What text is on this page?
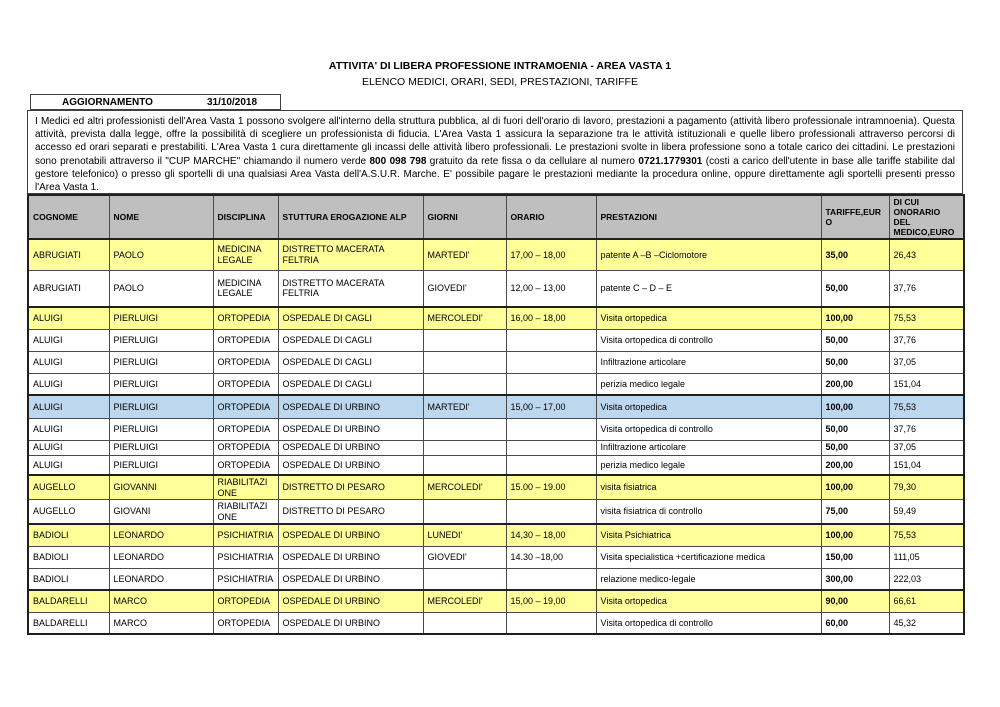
ATTIVITA' DI LIBERA PROFESSIONE INTRAMOENIA - AREA VASTA 1
ELENCO MEDICI, ORARI, SEDI, PRESTAZIONI, TARIFFE
AGGIORNAMENTO	31/10/2018
I Medici ed altri professionisti dell'Area Vasta 1 possono svolgere all'interno della struttura pubblica, al di fuori dell'orario di lavoro, prestazioni a pagamento (attività libero professionale intramnoenia). Questa attività, prevista dalla legge, offre la possibilità di scegliere un professionista di fiducia. L'Area Vasta 1 assicura la separazione tra le attività istituzionali e quelle libero professionali attraverso percorsi di accesso ed orari separati e prestabiliti. L'Area Vasta 1 cura direttamente gli incassi delle attività libero professionali. Le prestazioni svolte in libera professione sono a totale carico dei cittadini. Le prestazioni sono prenotabili attraverso il "CUP MARCHE" chiamando il numero verde 800 098 798 gratuito da rete fissa o da cellulare al numero 0721.1779301 (costi a carico dell'utente in base alle tariffe stabilite dal gestore telefonico) o presso gli sportelli di una qualsiasi Area Vasta dell'A.S.U.R. Marche. E' possibile pagare le prestazioni mediante la procedura online, oppure direttamente agli sportelli presenti presso l'Area Vasta 1.
COGNOME	NOME	DISCIPLINA	STUTTURA EROGAZIONE ALP	GIORNI	ORARIO	PRESTAZIONI	TARIFFE,EURO	DI CUI ONORARIO DEL MEDICO,EURO
ABRUGIATI	PAOLO	MEDICINA LEGALE	DISTRETTO MACERATA FELTRIA	MARTEDI'	17,00 – 18,00	patente A –B –Ciclomotore	35,00	26,43
ABRUGIATI	PAOLO	MEDICINA LEGALE	DISTRETTO MACERATA FELTRIA	GIOVEDI'	12,00 – 13,00	patente C – D – E	50,00	37,76
ALUIGI	PIERLUIGI	ORTOPEDIA	OSPEDALE DI CAGLI	MERCOLEDI'	16,00 – 18,00	Visita ortopedica	100,00	75,53
ALUIGI	PIERLUIGI	ORTOPEDIA	OSPEDALE DI CAGLI			Visita ortopedica di controllo	50,00	37,76
ALUIGI	PIERLUIGI	ORTOPEDIA	OSPEDALE DI CAGLI			Infiltrazione articolare	50,00	37,05
ALUIGI	PIERLUIGI	ORTOPEDIA	OSPEDALE DI CAGLI			perizia medico legale	200,00	151,04
ALUIGI	PIERLUIGI	ORTOPEDIA	OSPEDALE DI URBINO	MARTEDI'	15,00 – 17,00	Visita ortopedica	100,00	75,53
ALUIGI	PIERLUIGI	ORTOPEDIA	OSPEDALE DI URBINO			Visita ortopedica di controllo	50,00	37,76
ALUIGI	PIERLUIGI	ORTOPEDIA	OSPEDALE DI URBINO			Infiltrazione articolare	50,00	37,05
ALUIGI	PIERLUIGI	ORTOPEDIA	OSPEDALE DI URBINO			perizia medico legale	200,00	151,04
AUGELLO	GIOVANNI	RIABILITAZIONE	DISTRETTO DI PESARO	MERCOLEDI'	15.00 – 19.00	visita fisiatrica	100,00	79,30
AUGELLO	GIOVANI	RIABILITAZIONE	DISTRETTO DI PESARO			visita fisiatrica di controllo	75,00	59,49
BADIOLI	LEONARDO	PSICHIATRIA	OSPEDALE DI URBINO	LUNEDI'	14,30 – 18,00	Visita Psichiatrica	100,00	75,53
BADIOLI	LEONARDO	PSICHIATRIA	OSPEDALE DI URBINO	GIOVEDI'	14.30 –18,00	Visita specialistica +certificazione medica	150,00	111,05
BADIOLI	LEONARDO	PSICHIATRIA	OSPEDALE DI URBINO			relazione medico-legale	300,00	222,03
BALDARELLI	MARCO	ORTOPEDIA	OSPEDALE DI URBINO	MERCOLEDI'	15,00 – 19,00	Visita ortopedica	90,00	66,61
BALDARELLI	MARCO	ORTOPEDIA	OSPEDALE DI URBINO			Visita ortopedica di controllo	60,00	45,32
